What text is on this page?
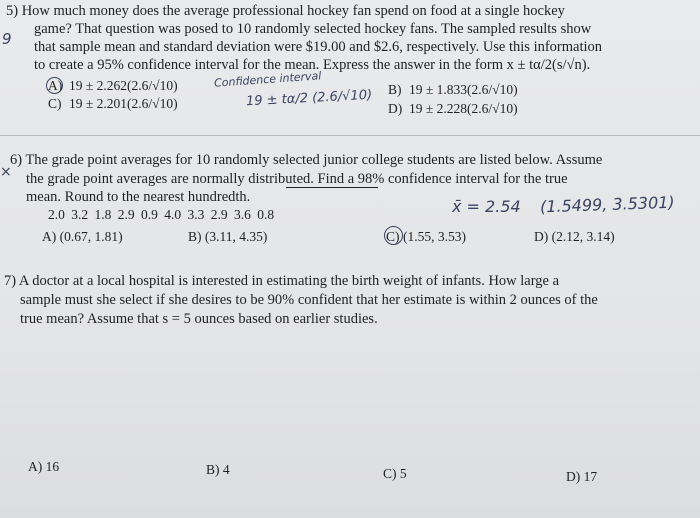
5) How much money does the average professional hockey fan spend on food at a single hockey
game? That question was posed to 10 randomly selected hockey fans. The sampled results show
that sample mean and standard deviation were $19.00 and $2.6, respectively. Use this information
to create a 95% confidence interval for the mean. Express the answer in the form x ± tα/2(s/√n).
9
A) 19 ± 2.262(2.6/√10)
C) 19 ± 2.201(2.6/√10)
B) 19 ± 1.833(2.6/√10)
D) 19 ± 2.228(2.6/√10)
Confidence interval
19 ± tα/2 (2.6/√10)
6) The grade point averages for 10 randomly selected junior college students are listed below. Assume
× the grade point averages are normally distributed. Find a 98% confidence interval for the true
mean. Round to the nearest hundredth.
2.0 3.2 1.8 2.9 0.9 4.0 3.3 2.9 3.6 0.8
A) (0.67, 1.81)	B) (3.11, 4.35)	C) (1.55, 3.53)	D) (2.12, 3.14)
x̄ = 2.54 (1.5499, 3.5301)
7) A doctor at a local hospital is interested in estimating the birth weight of infants. How large a
sample must she select if she desires to be 90% confident that her estimate is within 2 ounces of the
true mean? Assume that s = 5 ounces based on earlier studies.
A) 16	B) 4	C) 5	D) 17
